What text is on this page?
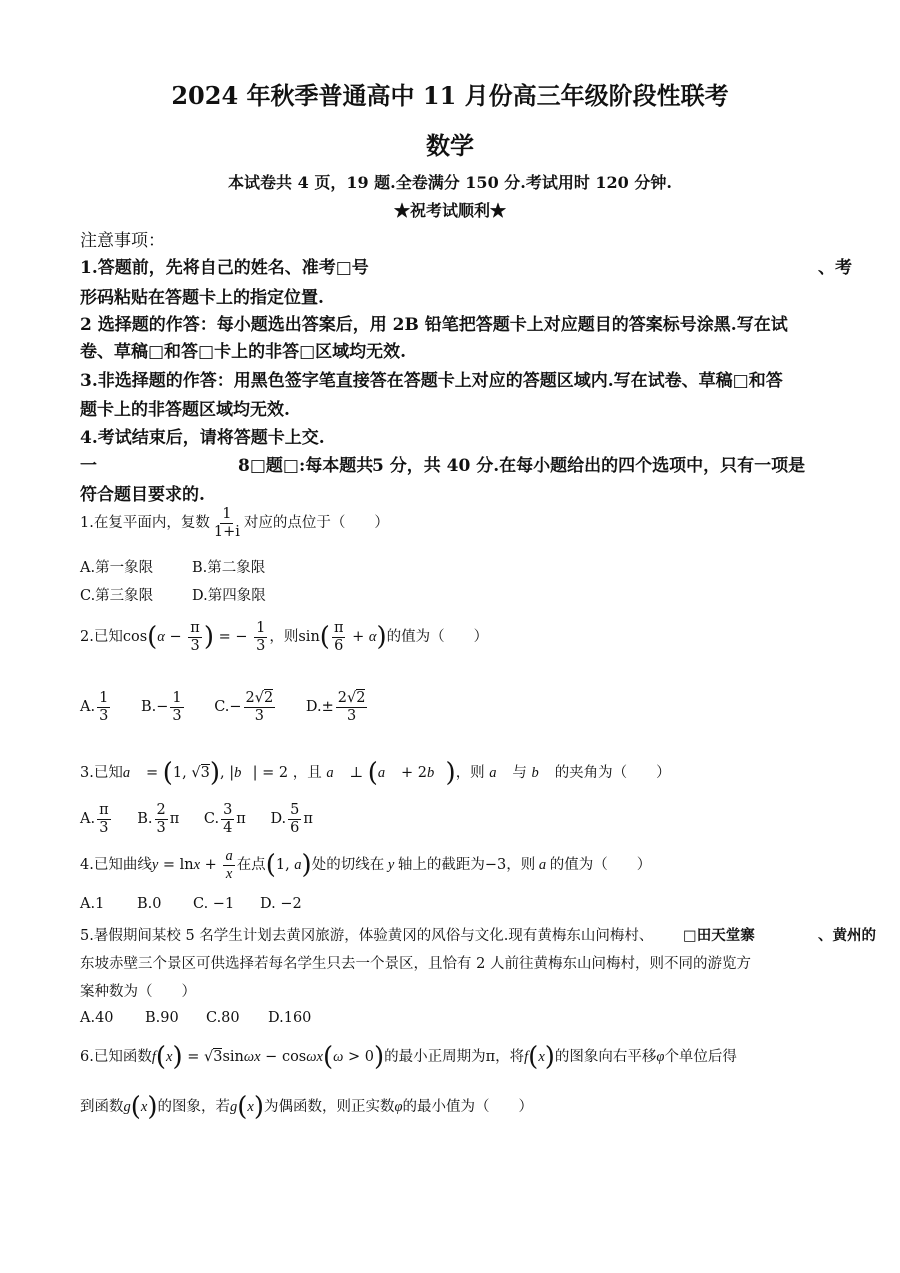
2024 年秋季普通高中 11 月份高三年级阶段性联考
数学
本试卷共 4 页，19 题.全卷满分 150 分.考试用时 120 分钟.
★祝考试顺利★
注意事项：
1.答题前，先将自己的姓名、准考□号	、考
形码粘贴在答题卡上的指定位置.
2 选择题的作答：每小题选出答案后，用 2B 铅笔把答题卡上对应题目的答案标号涂黑.写在试
卷、草稿□和答□卡上的非答□区域均无效.
3.非选择题的作答：用黑色签字笔直接答在答题卡上对应的答题区域内.写在试卷、草稿□和答
题卡上的非答题区域均无效.
4.考试结束后，请将答题卡上交.
一	8□题□:每本题共
5 分，共 40 分.在每小题给出的四个选项中，只有一项是
符合题目要求的.
1.在复平面内，复数 $\frac{1}{1+i}$ 对应的点位于（　　）
A.第一象限	B.第二象限
C.第三象限	D.第四象限
2.已知$\cos(\alpha - \frac{\pi}{3}$ ) = − $\frac{1}{3}$ ，则$\sin( \frac{\pi}{6} + \alpha)$的值为（　　）
A. $\frac{1}{3} B.- \frac{1}{3} C.- \frac{2√2}{3} D.\pm \frac{2√2}{3}$
3.已知a⃗ = (1, √3), |b⃗| = 2 ，且 a⃗ ⊥ (a⃗ + 2b⃗)，则 a⃗ 与 b⃗ 的夹角为（　　）
A. $\frac{\pi}{3} B$. $\frac{2}{3}$ π C. $\frac{3}{4}$ π D. $\frac{5}{6}$ π
4.已知曲线$y = \ln x + \frac{a}{x}$ 在点(1, a)处的切线在 y 轴上的截距为−3，则 a 的值为（　　）
A.1 B.0 C. −1 D. −2
5.暑假期间某校 5 名学生计划去黄冈旅游，体验黄冈的风俗与文化.现有黄梅东山问梅村、 □田天堂寨	、黄州的
东坡赤壁三个景区可供选择若每名学生只去一个景区，且恰有 2 人前往黄梅东山问梅村，则不同的游览方
案种数为（　　）
A.40 B.90 C.80 D.160
6.已知函数f(x) = √3sinωx − cosωx(ω > 0)的最小正周期为π，将f(x)的图象向右平移φ个单位后得
到函数g(x)的图象，若g(x)为偶函数，则正实数φ的最小值为（　　）
